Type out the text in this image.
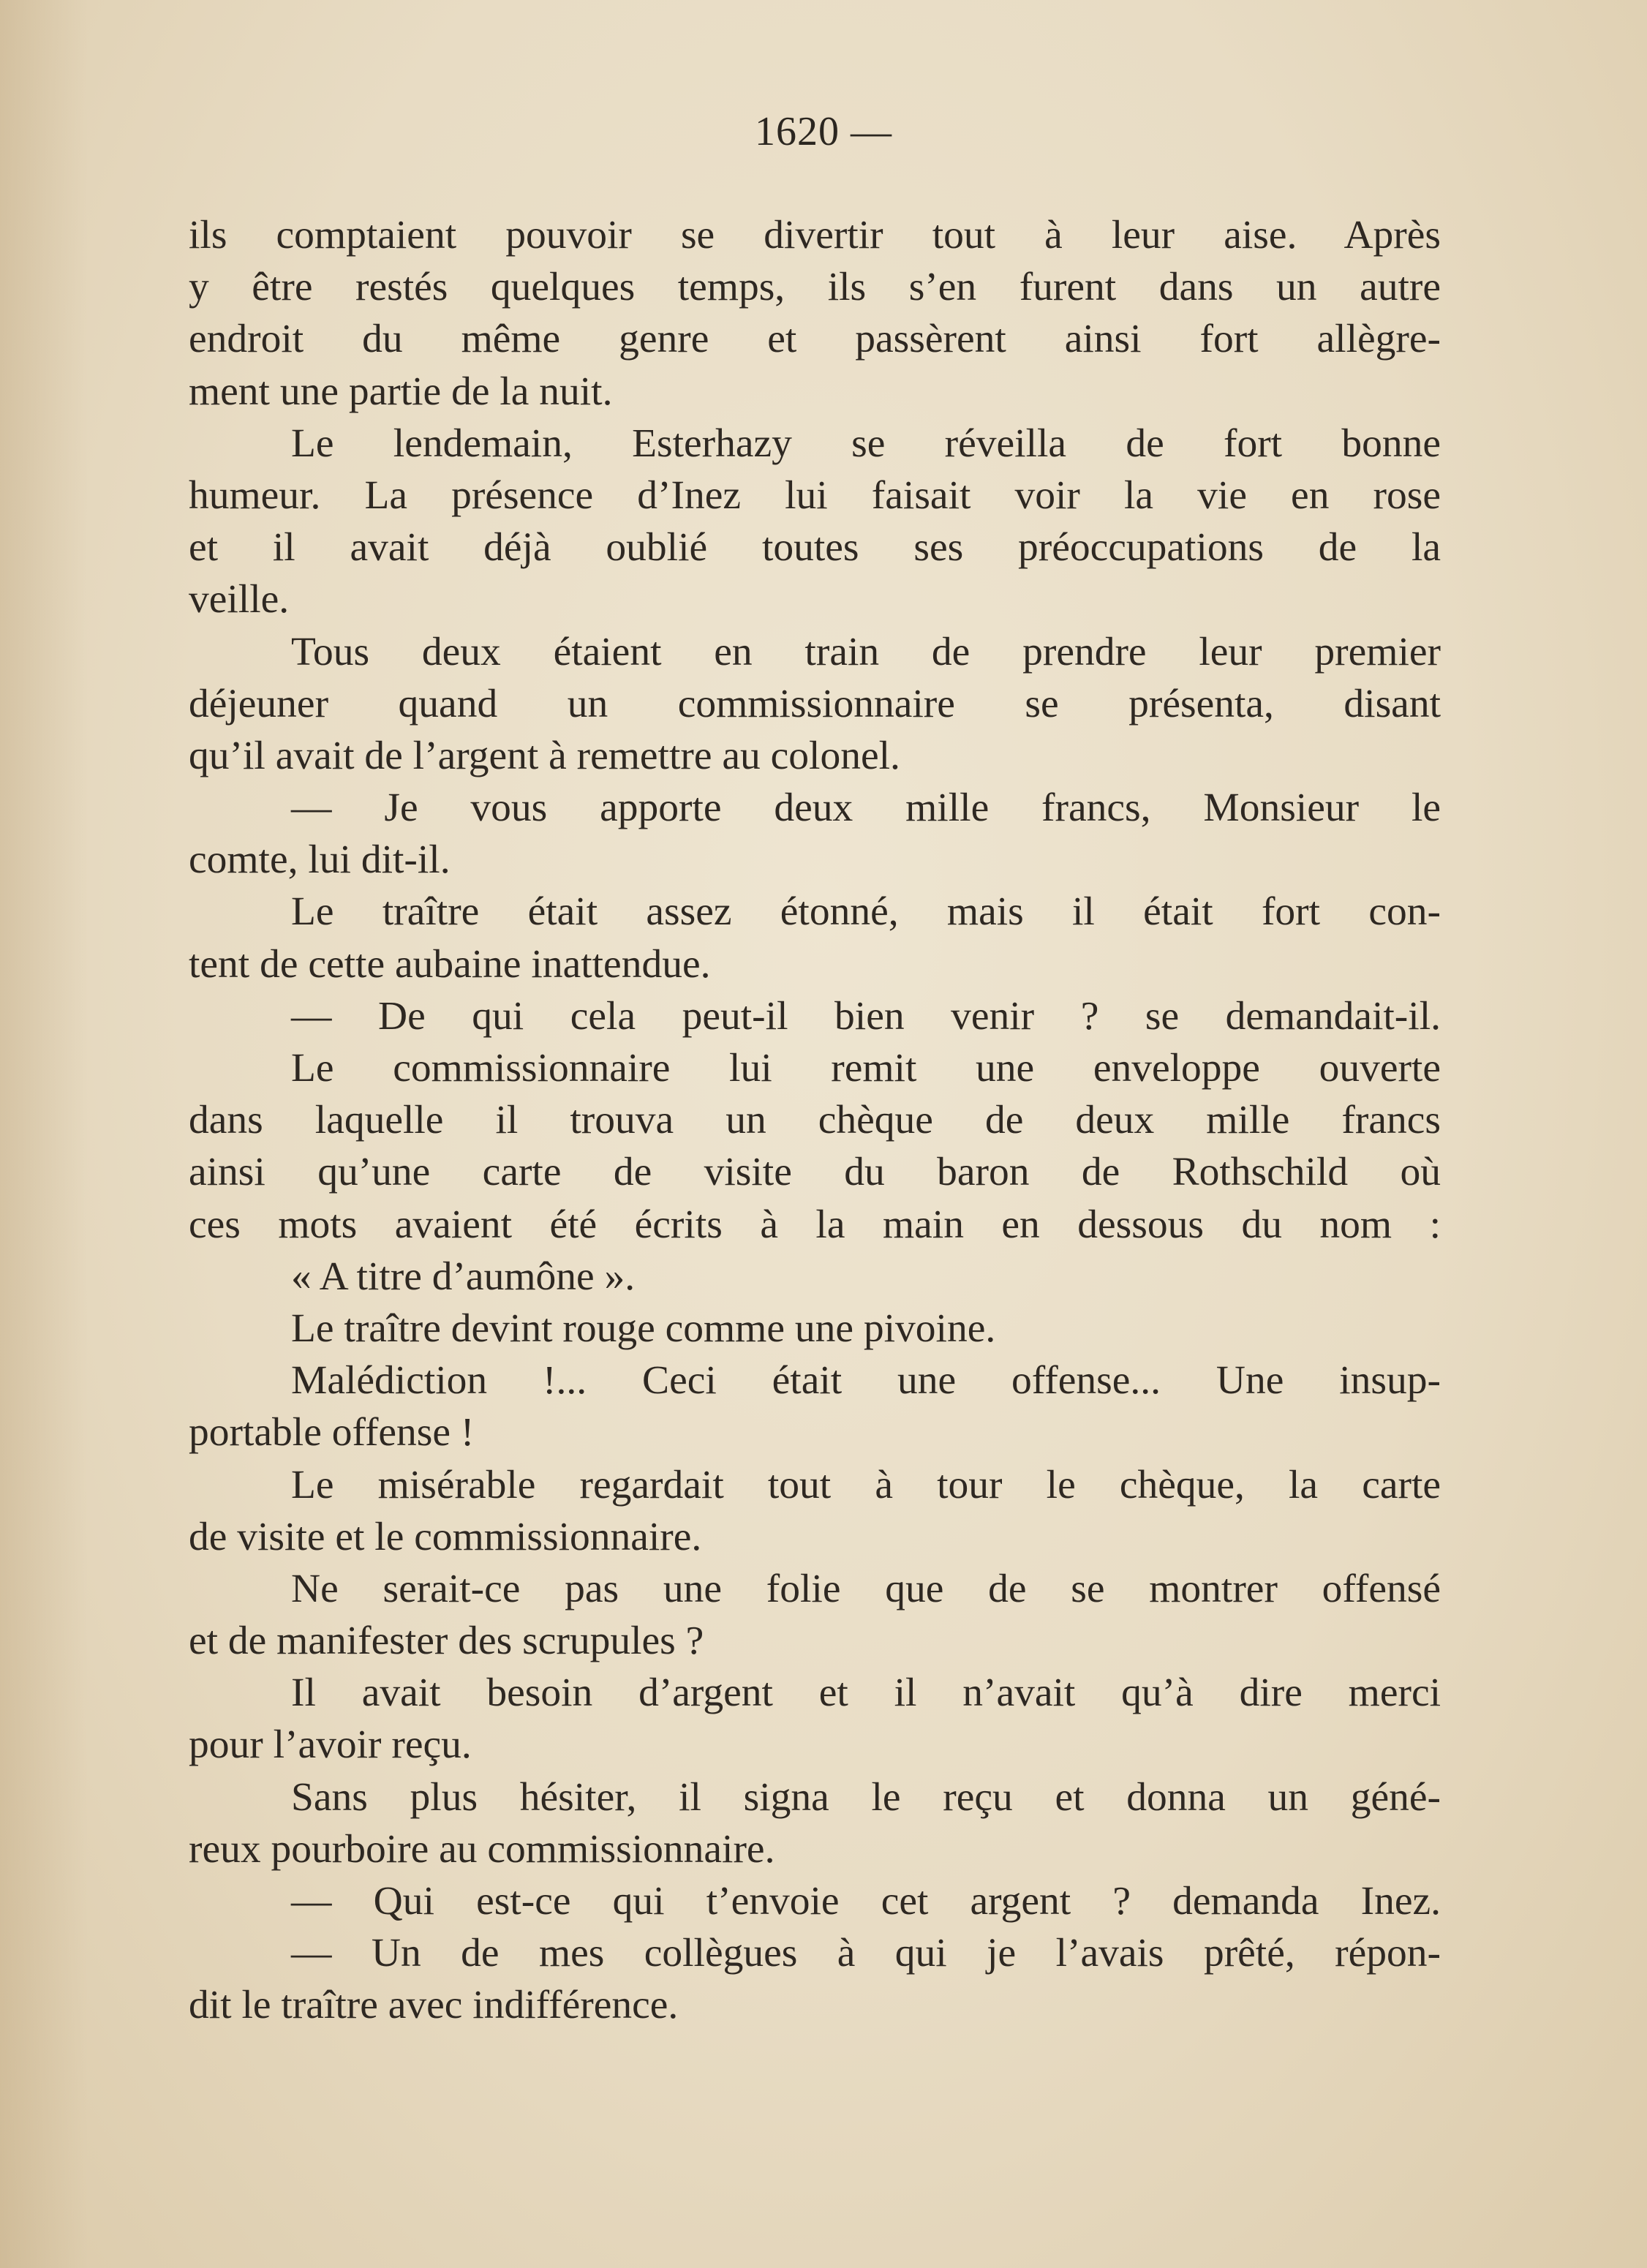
1620 —
ils comptaient pouvoir se divertir tout à leur aise. Après
y être restés quelques temps, ils s’en furent dans un autre
endroit du même genre et passèrent ainsi fort allègre-
ment une partie de la nuit.
Le lendemain, Esterhazy se réveilla de fort bonne
humeur. La présence d’Inez lui faisait voir la vie en rose
et il avait déjà oublié toutes ses préoccupations de la
veille.
Tous deux étaient en train de prendre leur premier
déjeuner quand un commissionnaire se présenta, disant
qu’il avait de l’argent à remettre au colonel.
— Je vous apporte deux mille francs, Monsieur le
comte, lui dit-il.
Le traître était assez étonné, mais il était fort con-
tent de cette aubaine inattendue.
— De qui cela peut-il bien venir ? se demandait-il.
Le commissionnaire lui remit une enveloppe ouverte
dans laquelle il trouva un chèque de deux mille francs
ainsi qu’une carte de visite du baron de Rothschild où
ces mots avaient été écrits à la main en dessous du nom :
« A titre d’aumône ».
Le traître devint rouge comme une pivoine.
Malédiction !... Ceci était une offense... Une insup-
portable offense !
Le misérable regardait tout à tour le chèque, la carte
de visite et le commissionnaire.
Ne serait-ce pas une folie que de se montrer offensé
et de manifester des scrupules ?
Il avait besoin d’argent et il n’avait qu’à dire merci
pour l’avoir reçu.
Sans plus hésiter, il signa le reçu et donna un géné-
reux pourboire au commissionnaire.
— Qui est-ce qui t’envoie cet argent ? demanda Inez.
— Un de mes collègues à qui je l’avais prêté, répon-
dit le traître avec indifférence.
